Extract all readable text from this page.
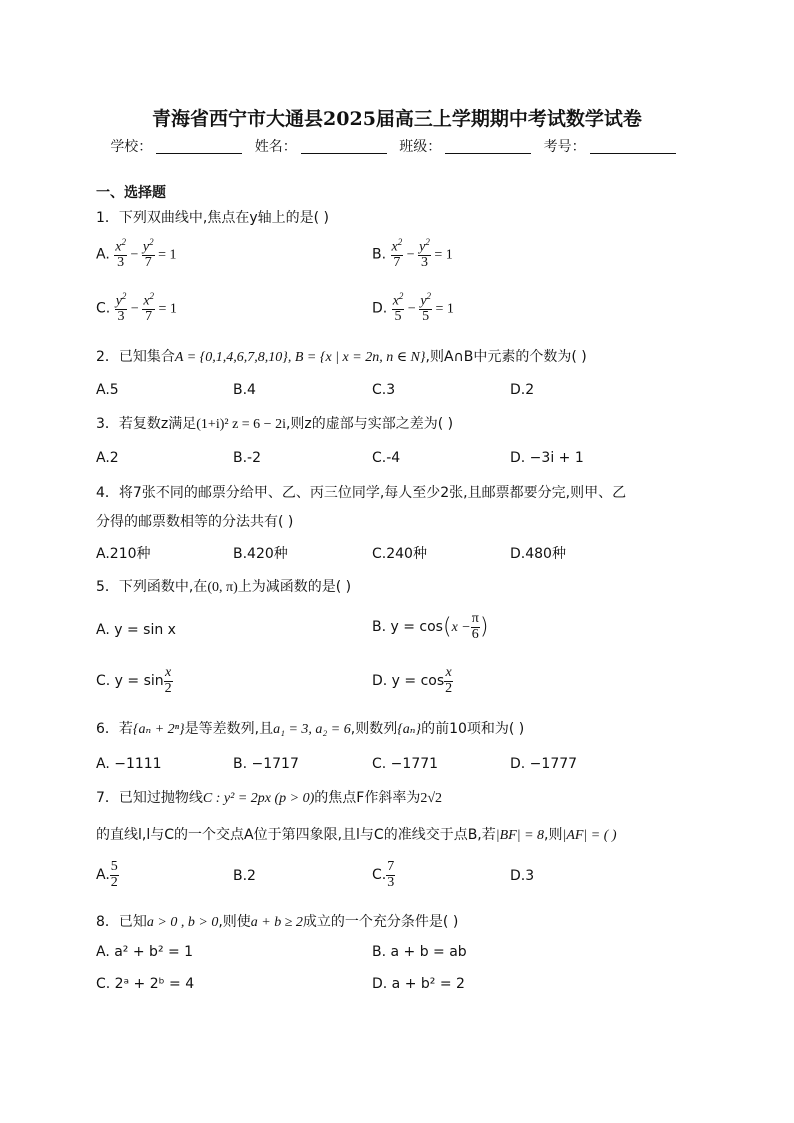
青海省西宁市大通县2025届高三上学期期中考试数学试卷
学校：	姓名：	班级：	考号：
一、选择题
1．下列双曲线中,焦点在y轴上的是( )
A. $\frac{x^2}{3} - \frac{y^2}{7} = 1$	B. $\frac{x^2}{7} - \frac{y^2}{3} = 1$
C. $\frac{y^2}{3} - \frac{x^2}{7} = 1$	D. $\frac{x^2}{5} - \frac{y^2}{5} = 1$
2．已知集合A = {0,1,4,6,7,8,10}, B = {x | x = 2n, n ∈ N},则A∩B中元素的个数为( )
A.5	B.4	C.3	D.2
3．若复数z满足(1+i)² z = 6 − 2i,则z的虚部与实部之差为( )
A.2	B.-2	C.-4	D. −3i + 1
4．将7张不同的邮票分给甲、乙、丙三位同学,每人至少2张,且邮票都要分完,则甲、乙
分得的邮票数相等的分法共有( )
A.210种	B.420种	C.240种	D.480种
5．下列函数中,在(0, π)上为减函数的是( )
A. y = sin x	B. $y = \cos(x - \frac{\pi}{6}$ )
C. $y = \sin \frac{x}{2}$	D. $y = \cos \frac{x}{2}$
6．若{aₙ + 2ⁿ}是等差数列,且a₁ = 3, a₂ = 6,则数列{aₙ}的前10项和为( )
A. −1111	B. −1717	C. −1771	D. −1777
7．已知过抛物线C : y² = 2px (p > 0)的焦点F作斜率为2√2
的直线l,l与C的一个交点A位于第四象限,且l与C的准线交于点B,若|BF| = 8,则|AF| = ( )
A. $\frac{5}{2}$	B.2	C. $\frac{7}{3}$	D.3
8．已知a > 0 , b > 0,则使a + b ≥ 2成立的一个充分条件是( )
A. a² + b² = 1	B. a + b = ab
C. 2ᵃ + 2ᵇ = 4	D. a + b² = 2
